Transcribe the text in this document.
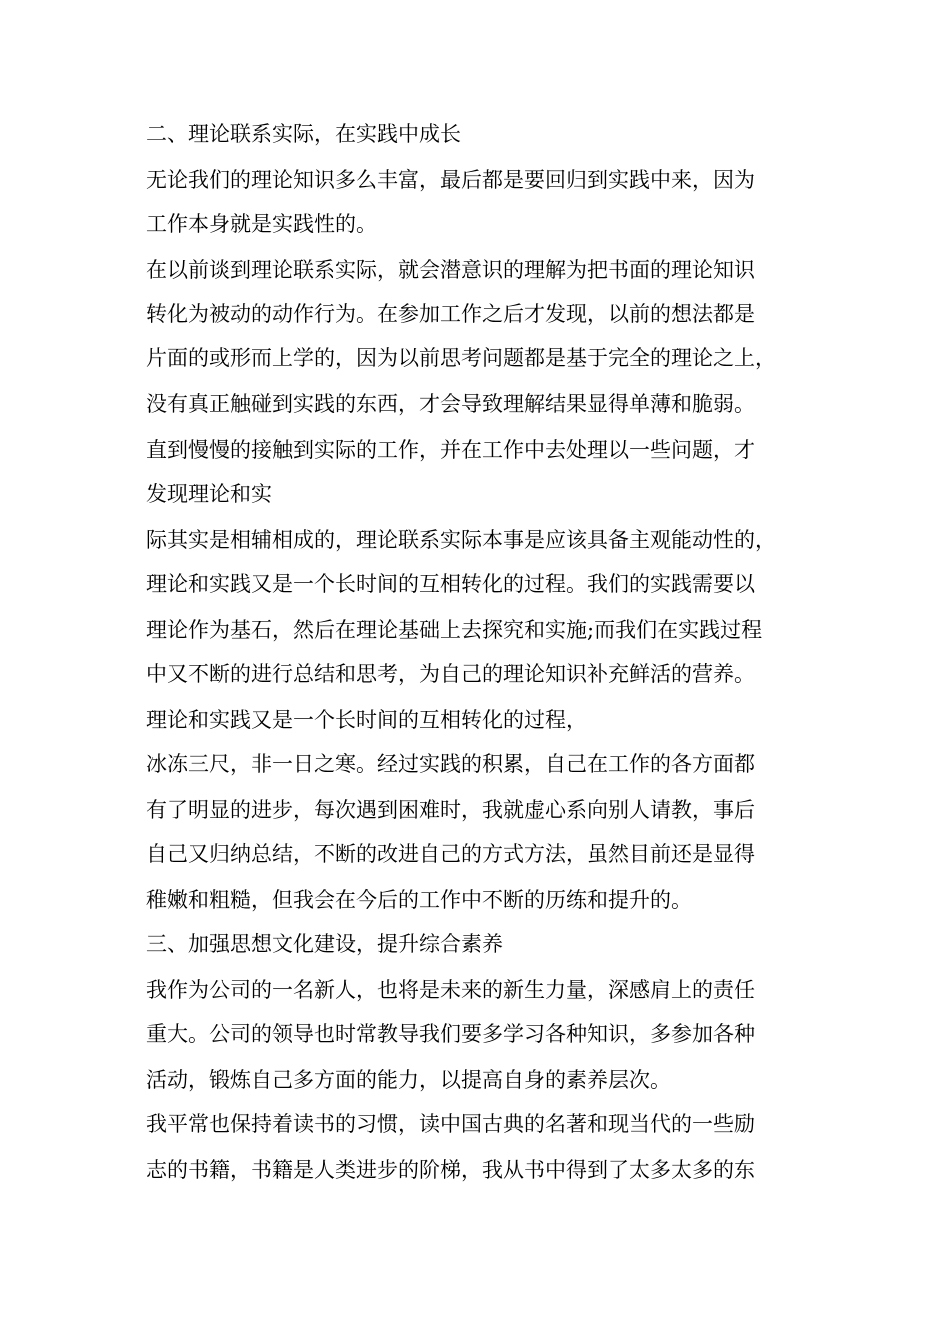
二、理论联系实际，在实践中成长
无论我们的理论知识多么丰富，最后都是要回归到实践中来，因为
工作本身就是实践性的。
在以前谈到理论联系实际，就会潜意识的理解为把书面的理论知识
转化为被动的动作行为。在参加工作之后才发现，以前的想法都是
片面的或形而上学的，因为以前思考问题都是基于完全的理论之上，
没有真正触碰到实践的东西，才会导致理解结果显得单薄和脆弱。
直到慢慢的接触到实际的工作，并在工作中去处理以一些问题，才
发现理论和实
际其实是相辅相成的，理论联系实际本事是应该具备主观能动性的，
理论和实践又是一个长时间的互相转化的过程。我们的实践需要以
理论作为基石，然后在理论基础上去探究和实施;而我们在实践过程
中又不断的进行总结和思考，为自己的理论知识补充鲜活的营养。
理论和实践又是一个长时间的互相转化的过程，
冰冻三尺，非一日之寒。经过实践的积累，自己在工作的各方面都
有了明显的进步，每次遇到困难时，我就虚心系向别人请教，事后
自己又归纳总结，不断的改进自己的方式方法，虽然目前还是显得
稚嫩和粗糙，但我会在今后的工作中不断的历练和提升的。
三、加强思想文化建设，提升综合素养
我作为公司的一名新人，也将是未来的新生力量，深感肩上的责任
重大。公司的领导也时常教导我们要多学习各种知识，多参加各种
活动，锻炼自己多方面的能力，以提高自身的素养层次。
我平常也保持着读书的习惯，读中国古典的名著和现当代的一些励
志的书籍，书籍是人类进步的阶梯，我从书中得到了太多太多的东
